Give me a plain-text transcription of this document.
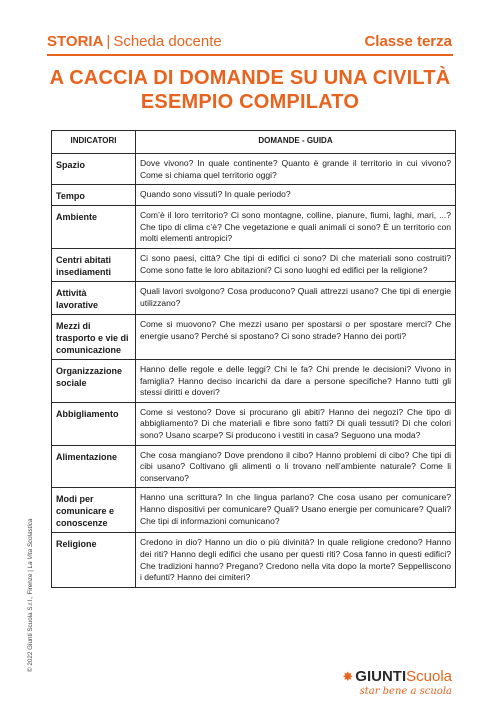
STORIA | Scheda docente	Classe terza
A CACCIA DI DOMANDE SU UNA CIVILTÀ
ESEMPIO COMPILATO
© 2022 Giunti Scuola S.r.l., Firenze | La Vita Scolastica
INDICATORI	DOMANDE - GUIDA
Spazio	Dove vivono? In quale continente? Quanto è grande il territorio in cui vivono? Come si chiama quel territorio oggi?
Tempo	Quando sono vissuti? In quale periodo?
Ambiente	Com’è il loro territorio? Ci sono montagne, colline, pianure, fiumi, laghi, mari, ...? Che tipo di clima c’è? Che vegetazione e quali animali ci sono? È un territorio con molti elementi antropici?
Centri abitati insediamenti	Ci sono paesi, città? Che tipi di edifici ci sono? Di che materiali sono costruiti? Come sono fatte le loro abitazioni? Ci sono luoghi ed edifici per la religione?
Attività lavorative	Quali lavori svolgono? Cosa producono? Quali attrezzi usano? Che tipi di energie utilizzano?
Mezzi di trasporto e vie di comunicazione	Come si muovono? Che mezzi usano per spostarsi o per spostare merci? Che energie usano? Perché si spostano? Ci sono strade? Hanno dei porti?
Organizzazione sociale	Hanno delle regole e delle leggi? Chi le fa? Chi prende le decisioni? Vivono in famiglia? Hanno deciso incarichi da dare a persone specifiche? Hanno tutti gli stessi diritti e doveri?
Abbigliamento	Come si vestono? Dove si procurano gli abiti? Hanno dei negozi? Che tipo di abbigliamento? Di che materiali e fibre sono fatti? Di quali tessuti? Di che colori sono? Usano scarpe? Si producono i vestiti in casa? Seguono una moda?
Alimentazione	Che cosa mangiano? Dove prendono il cibo? Hanno problemi di cibo? Che tipi di cibi usano? Coltivano gli alimenti o li trovano nell’ambiente naturale? Come li conservano?
Modi per comunicare e conoscenze	Hanno una scrittura? In che lingua parlano? Che cosa usano per comunicare? Hanno dispositivi per comunicare? Quali? Usano energie per comunicare? Quali? Che tipi di informazioni comunicano?
Religione	Credono in dio? Hanno un dio o più divinità? In quale religione credono? Hanno dei riti? Hanno degli edifici che usano per questi riti? Cosa fanno in questi edifici? Che tradizioni hanno? Pregano? Credono nella vita dopo la morte? Seppelliscono i defunti? Hanno dei cimiteri?
✸ GIUNTIScuola
star bene a scuola
